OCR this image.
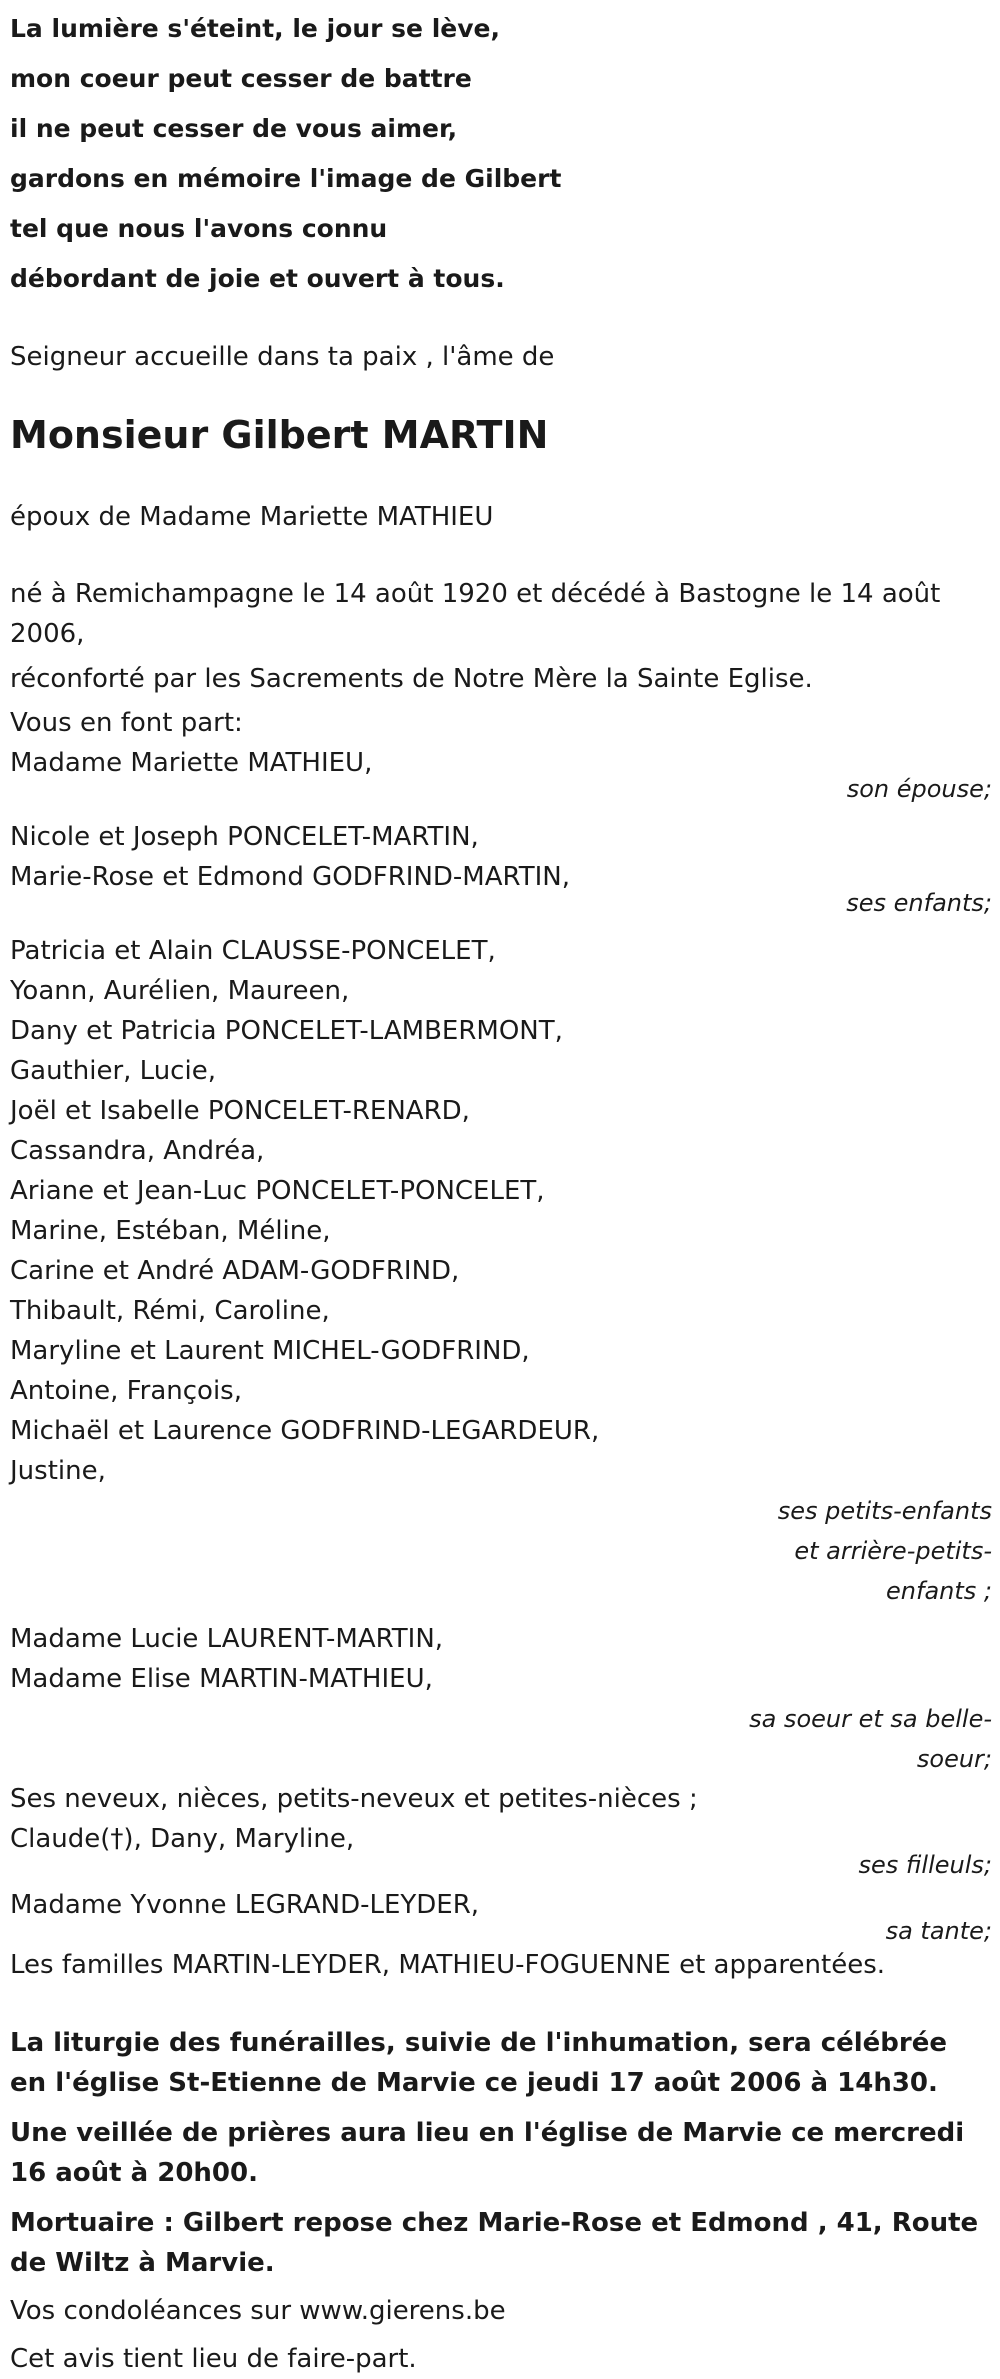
La lumière s'éteint, le jour se lève,
mon coeur peut cesser de battre
il ne peut cesser de vous aimer,
gardons en mémoire l'image de Gilbert
tel que nous l'avons connu
débordant de joie et ouvert à tous.
Seigneur accueille dans ta paix , l'âme de
Monsieur Gilbert MARTIN
époux de Madame Mariette MATHIEU
né à Remichampagne le 14 août 1920 et décédé à Bastogne le 14 août 2006,
réconforté par les Sacrements de Notre Mère la Sainte Eglise.
Vous en font part:
Madame Mariette MATHIEU,
son épouse;
Nicole et Joseph PONCELET-MARTIN,
Marie-Rose et Edmond GODFRIND-MARTIN,
ses enfants;
Patricia et Alain CLAUSSE-PONCELET,
Yoann, Aurélien, Maureen,
Dany et Patricia PONCELET-LAMBERMONT,
Gauthier, Lucie,
Joël et Isabelle PONCELET-RENARD,
Cassandra, Andréa,
Ariane et Jean-Luc PONCELET-PONCELET,
Marine, Estéban, Méline,
Carine et André ADAM-GODFRIND,
Thibault, Rémi, Caroline,
Maryline et Laurent MICHEL-GODFRIND,
Antoine, François,
Michaël et Laurence GODFRIND-LEGARDEUR,
Justine,
ses petits-enfants
et arrière-petits-
enfants ;
Madame Lucie LAURENT-MARTIN,
Madame Elise MARTIN-MATHIEU,
sa soeur et sa belle-
soeur;
Ses neveux, nièces, petits-neveux et petites-nièces ;
Claude(†), Dany, Maryline,
ses filleuls;
Madame Yvonne LEGRAND-LEYDER,
sa tante;
Les familles MARTIN-LEYDER, MATHIEU-FOGUENNE et apparentées.
La liturgie des funérailles, suivie de l'inhumation, sera célébrée en l'église St-Etienne de Marvie ce jeudi 17 août 2006 à 14h30.
Une veillée de prières aura lieu en l'église de Marvie ce mercredi 16 août à 20h00.
Mortuaire : Gilbert repose chez Marie-Rose et Edmond , 41, Route de Wiltz à Marvie.
Vos condoléances sur www.gierens.be
Cet avis tient lieu de faire-part.
